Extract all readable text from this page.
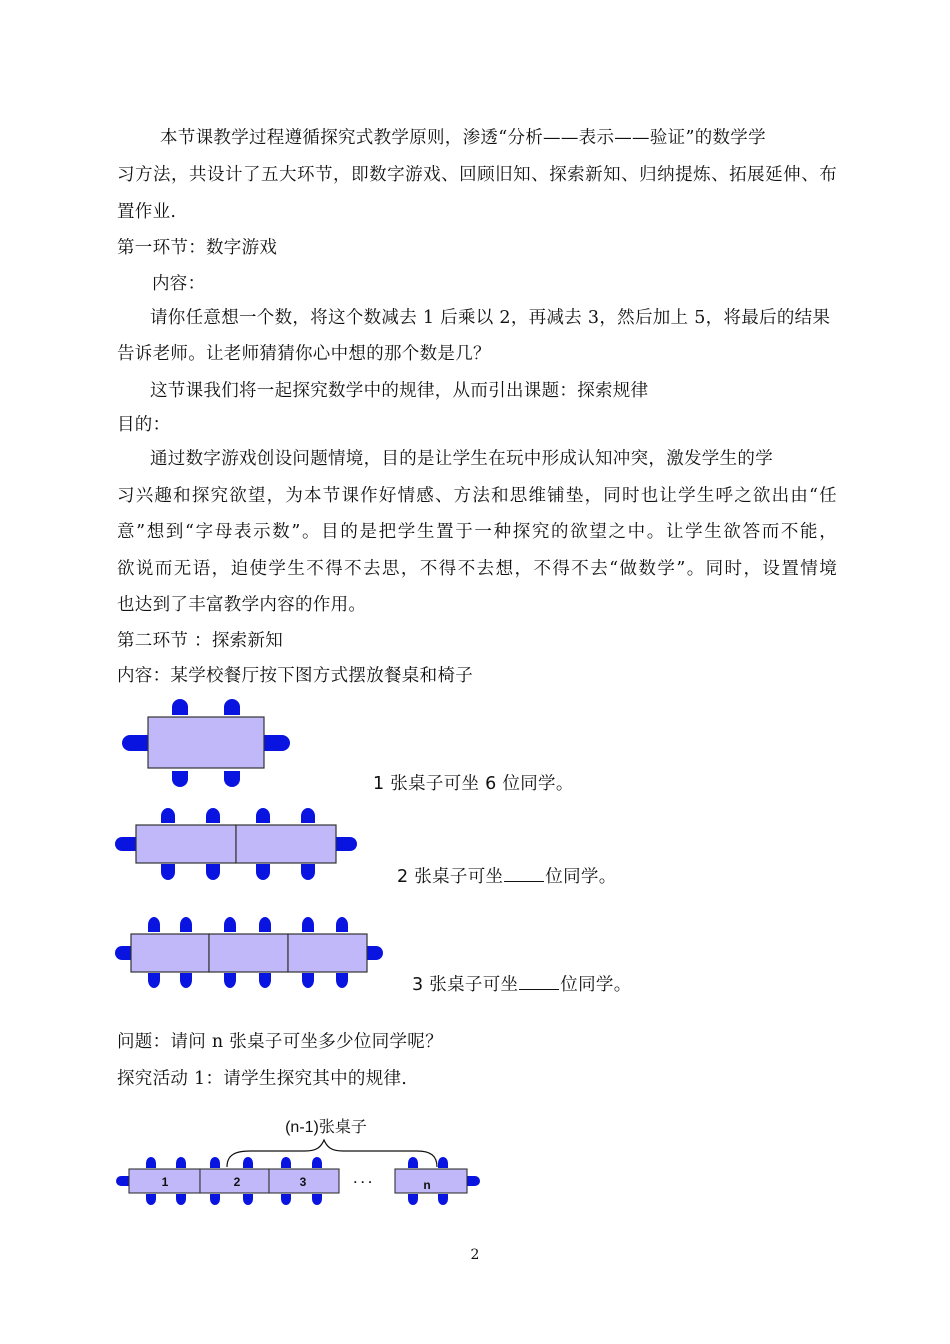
本节课教学过程遵循探究式教学原则，渗透“分析——表示——验证”的数学学
习方法，共设计了五大环节，即数字游戏、回顾旧知、探索新知、归纳提炼、拓展延伸、布
置作业.
第一环节：数字游戏
内容：
请你任意想一个数，将这个数减去 1 后乘以 2，再减去 3，然后加上 5，将最后的结果
告诉老师。让老师猜猜你心中想的那个数是几？
这节课我们将一起探究数学中的规律，从而引出课题：探索规律
目的：
通过数字游戏创设问题情境，目的是让学生在玩中形成认知冲突，激发学生的学
习兴趣和探究欲望，为本节课作好情感、方法和思维铺垫，同时也让学生呼之欲出由“任
意”想到“字母表示数”。目的是把学生置于一种探究的欲望之中。让学生欲答而不能，
欲说而无语，迫使学生不得不去思，不得不去想，不得不去“做数学”。同时，设置情境
也达到了丰富教学内容的作用。
第二环节 ：探索新知
内容：某学校餐厅按下图方式摆放餐桌和椅子
1 张桌子可坐 6 位同学。
2 张桌子可坐 位同学。
3 张桌子可坐 位同学。
问题：请问 n 张桌子可坐多少位同学呢？
探究活动 1：请学生探究其中的规律.
(n-1)张桌子
1	2	3	n
· · ·
2
